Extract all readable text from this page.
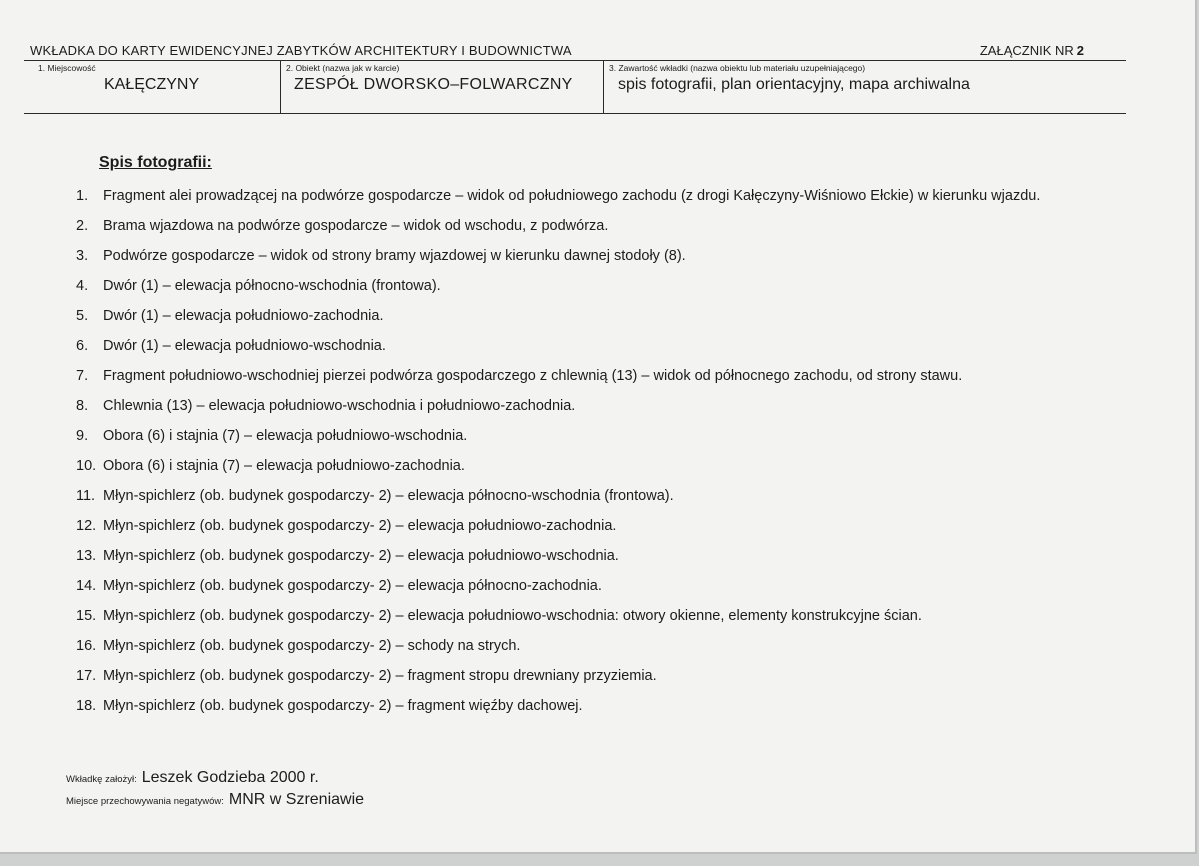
WKŁADKA DO KARTY EWIDENCYJNEJ ZABYTKÓW ARCHITEKTURY I BUDOWNICTWA	ZAŁĄCZNIK NR 2
1. Miejscowość
KAŁĘCZYNY
2. Obiekt (nazwa jak w karcie)
ZESPÓŁ DWORSKO–FOLWARCZNY
3. Zawartość wkładki (nazwa obiektu lub materiału uzupełniającego)
spis fotografii, plan orientacyjny, mapa archiwalna
Spis fotografii:
1. Fragment alei prowadzącej na podwórze gospodarcze – widok od południowego zachodu (z drogi Kałęczyny-Wiśniowo Ełckie) w kierunku wjazdu.
2. Brama wjazdowa na podwórze gospodarcze – widok od wschodu, z podwórza.
3. Podwórze gospodarcze – widok od strony bramy wjazdowej w kierunku dawnej stodoły (8).
4. Dwór (1) – elewacja północno-wschodnia (frontowa).
5. Dwór (1) – elewacja południowo-zachodnia.
6. Dwór (1) – elewacja południowo-wschodnia.
7. Fragment południowo-wschodniej pierzei podwórza gospodarczego z chlewnią (13) – widok od północnego zachodu, od strony stawu.
8. Chlewnia (13) – elewacja południowo-wschodnia i południowo-zachodnia.
9. Obora (6) i stajnia (7) – elewacja południowo-wschodnia.
10. Obora (6) i stajnia (7) – elewacja południowo-zachodnia.
11. Młyn-spichlerz (ob. budynek gospodarczy- 2) – elewacja północno-wschodnia (frontowa).
12. Młyn-spichlerz (ob. budynek gospodarczy- 2) – elewacja południowo-zachodnia.
13. Młyn-spichlerz (ob. budynek gospodarczy- 2) – elewacja południowo-wschodnia.
14. Młyn-spichlerz (ob. budynek gospodarczy- 2) – elewacja północno-zachodnia.
15. Młyn-spichlerz (ob. budynek gospodarczy- 2) – elewacja południowo-wschodnia: otwory okienne, elementy konstrukcyjne ścian.
16. Młyn-spichlerz (ob. budynek gospodarczy- 2) – schody na strych.
17. Młyn-spichlerz (ob. budynek gospodarczy- 2) – fragment stropu drewniany przyziemia.
18. Młyn-spichlerz (ob. budynek gospodarczy- 2) – fragment więźby dachowej.
Wkładkę założył: Leszek Godzieba 2000 r.
Miejsce przechowywania negatywów: MNR w Szreniawie
